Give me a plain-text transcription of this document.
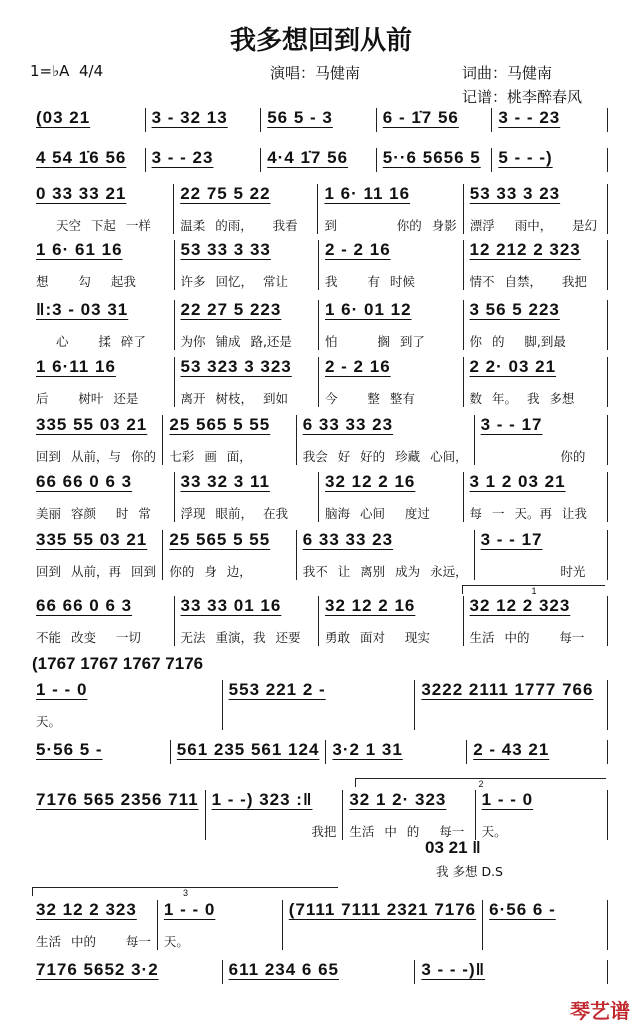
我多想回到从前
1=♭A 4/4	演唱：马健南	词曲：马健南
记谱：桃李醉春风
(03 21	3 - 32 13	56 5 - 3	6 - 1̇7 56	3 - - 23
4 54 1̇6 56	3 - - 23	4·4 1̇7 56	5··6 5656 5 5 - - -)
0 33 33 21
天空 下起 一样
22 75 5 22
温柔 的雨，  我看
1 6· 11 16
到      你的 身影
53 33 3 23
漂浮  雨中，  是幻
1 6· 61 16
想   勾  起我
53 33 3 33
许多 回忆， 常让
2 - 2 16
我   有 时候
12 212 2 323
情不 自禁，  我把
‖:3 - 03 31
心   揉 碎了
22 27 5 223
为你 铺成 路,还是
1 6· 01 12
怕    搁 到了
3 56 5 223
你 的  脚,到最
1 6·11 16
后   树叶 还是
53 323 3 323
离开 树枝， 到如
2 - 2 16
今   整 整有
2 2· 03 21
数 年。 我 多想
335 55 03 21
回到 从前，与 你的
25 565 5 55
七彩 画 面，
6 33 33 23
我会 好 好的 珍藏 心间，
3 - - 17
你的
66 66 0 6 3
美丽 容颜  时 常
33 32 3 11
浮现 眼前， 在我
32 12 2 16
脑海 心间  度过
3 1 2 03 21
每 一 天。再 让我
335 55 03 21
回到 从前，再 回到
25 565 5 55
你的 身 边，
6 33 33 23
我不 让 离别 成为 永远，
3 - - 17
时光
66 66 0 6 3
不能 改变  一切
33 33 01 16
无法 重演，我 还要
32 12 2 16
勇敢 面对  现实
32 12 2 323
生活 中的   每一
1 - - 0
天。
553 221 2 -	3222 2111 1777 766
5·56 5 -	561 235 561 124 3·2 1 31	2 - 43 21
7176 565 2356 711 1 - -) 323 :‖
我把
32 1 2· 323
生活 中 的  每一
1 - - 0
天。
32 12 2 323
生活 中的   每一
1 - - 0
天。
(7111 7111 2321 7176 6·56 6 -
7176 5652 3·2	611 234 6 65	3 - - -)‖
(1767 1767 1767 7176
03 21 ‖
我 多想 D.S
1
2
3
琴艺谱
